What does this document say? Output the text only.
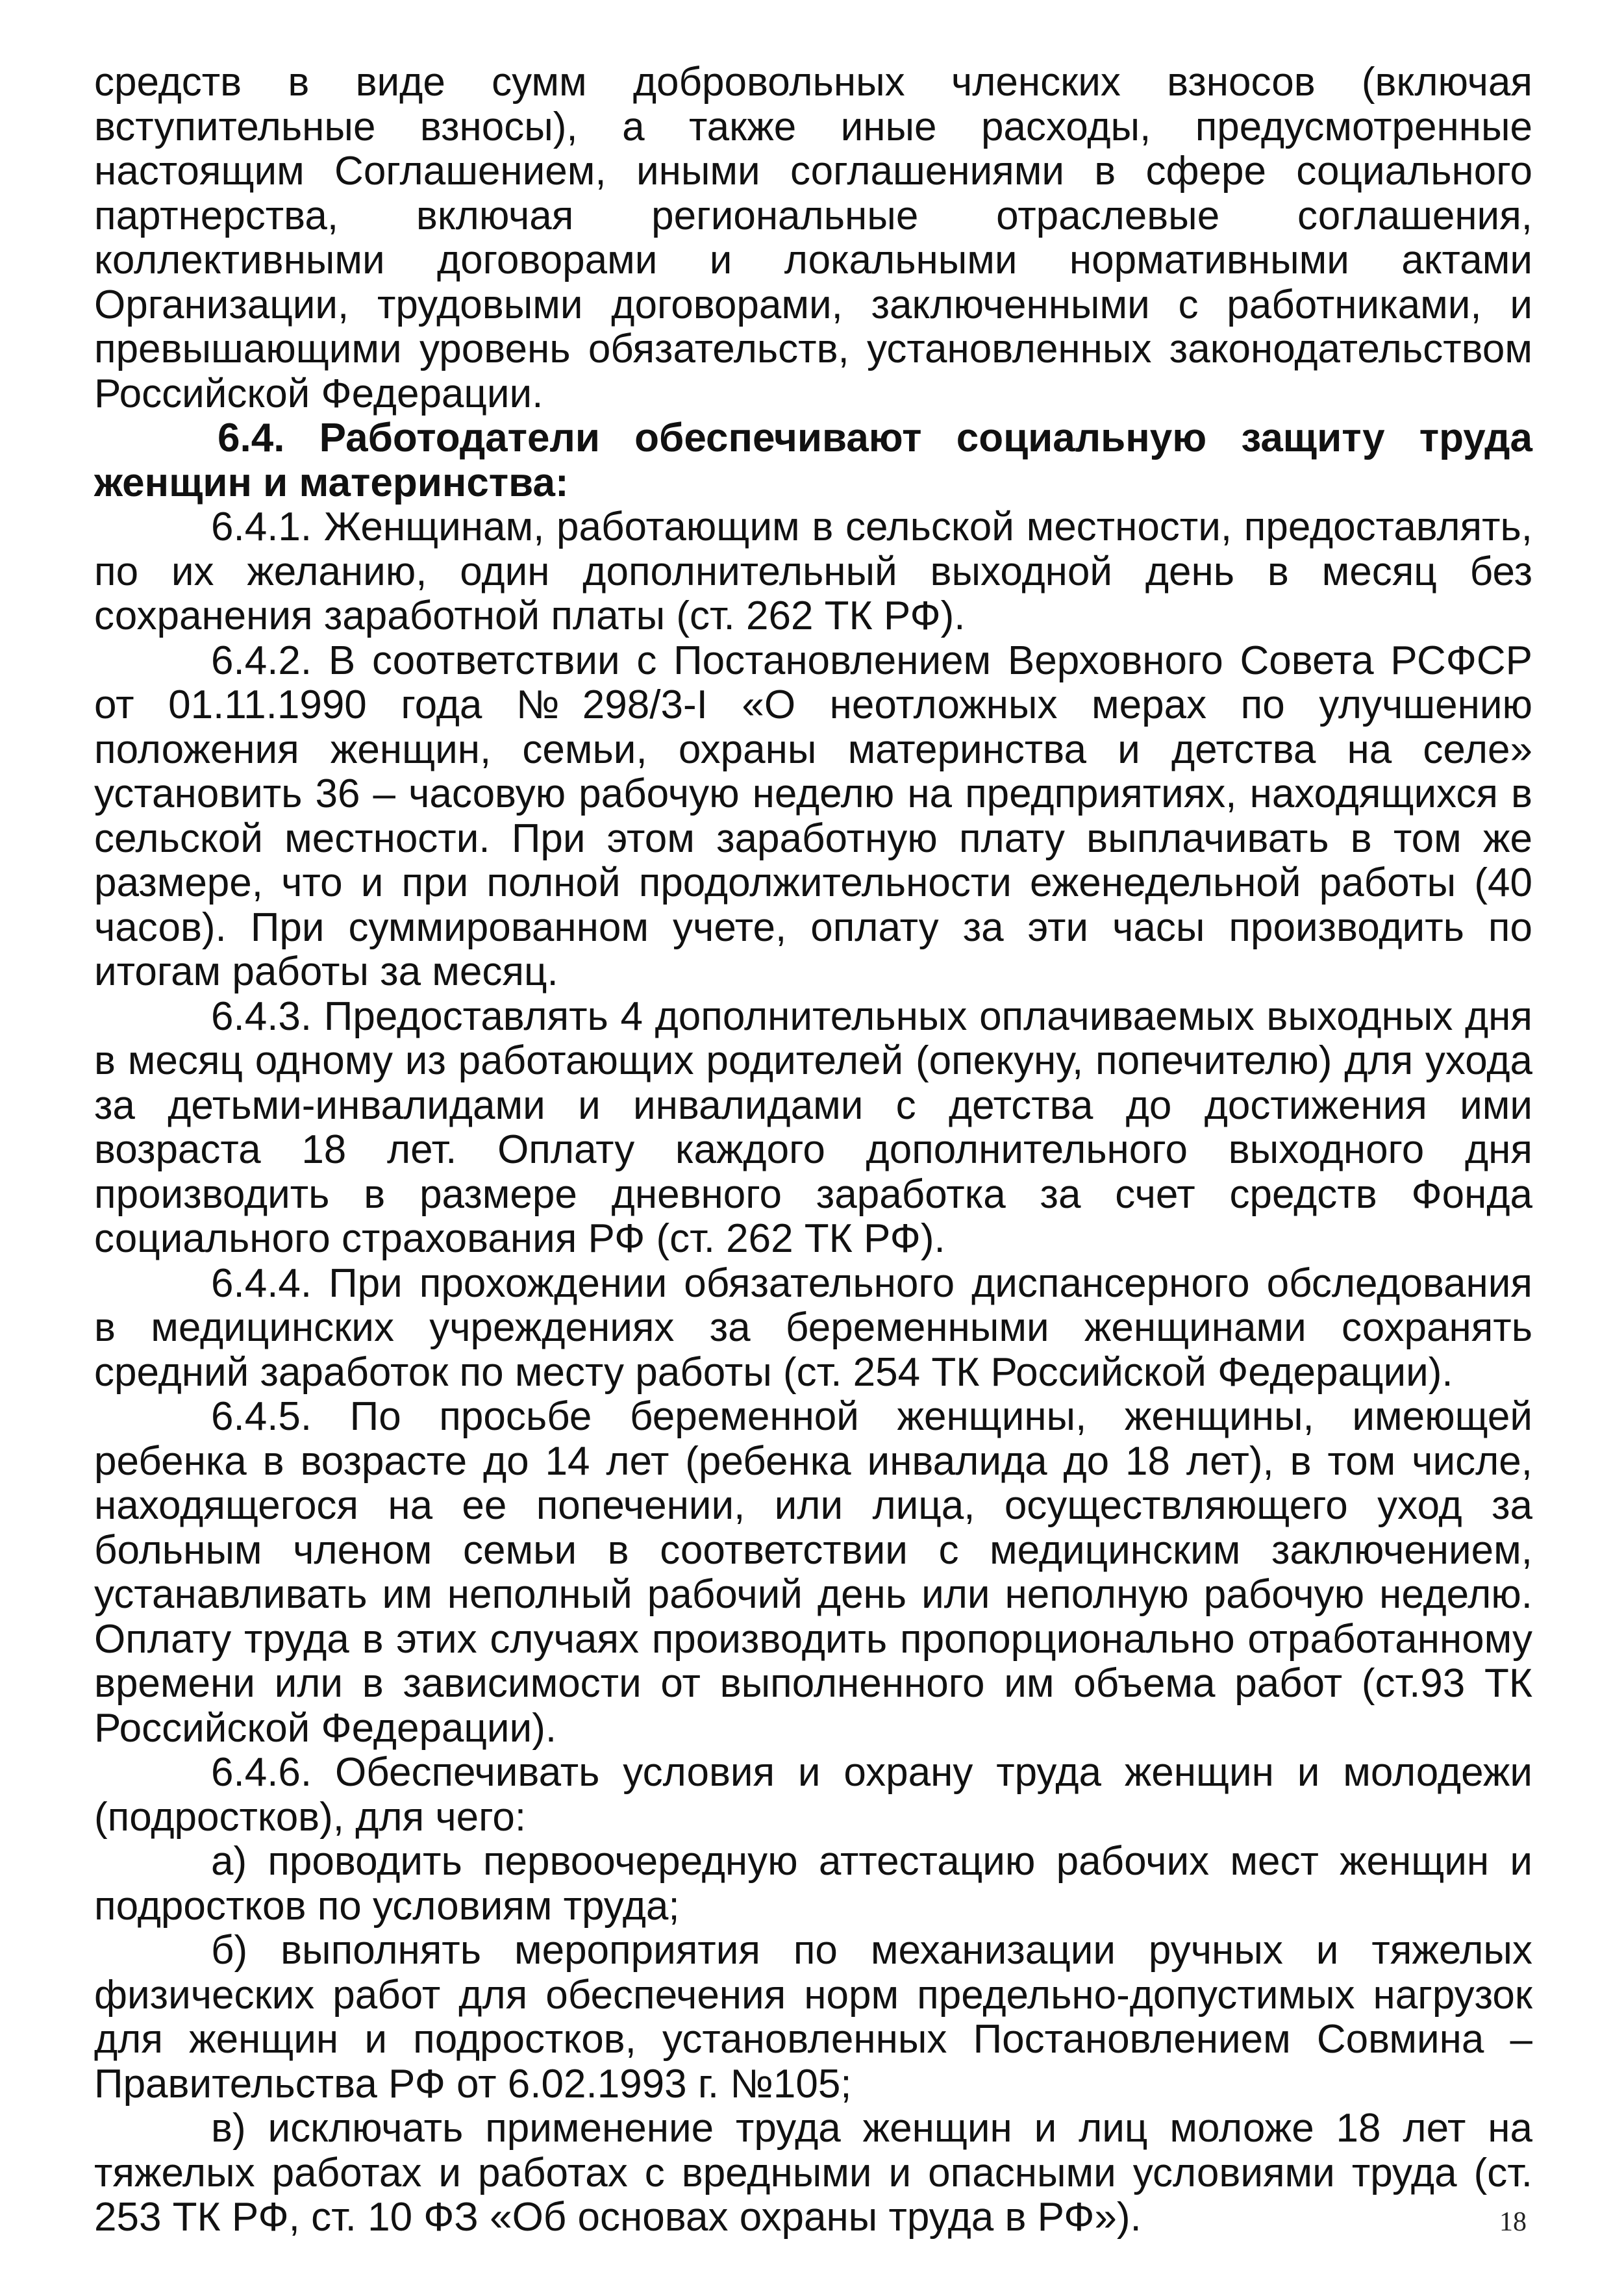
средств в виде сумм добровольных членских взносов (включая вступительные взносы), а также иные расходы, предусмотренные настоящим Соглашением, иными соглашениями в сфере социального партнерства, включая региональные отраслевые соглашения, коллективными договорами и локальными нормативными актами Организации, трудовыми договорами, заключенными с работниками, и превышающими уровень обязательств, установленных законодательством Российской Федерации.

6.4. Работодатели обеспечивают социальную защиту труда женщин и материнства:

6.4.1. Женщинам, работающим в сельской местности, предоставлять, по их желанию, один дополнительный выходной день в месяц без сохранения заработной платы (ст. 262 ТК РФ).

6.4.2. В соответствии с Постановлением Верховного Совета РСФСР от 01.11.1990 года №298/3-I «О неотложных мерах по улучшению положения женщин, семьи, охраны материнства и детства на селе» установить 36 – часовую рабочую неделю на предприятиях, находящихся в сельской местности. При этом заработную плату выплачивать в том же размере, что и при полной продолжительности еженедельной работы (40 часов). При суммированном учете, оплату за эти часы производить по итогам работы за месяц.

6.4.3. Предоставлять 4 дополнительных оплачиваемых выходных дня в месяц одному из работающих родителей (опекуну, попечителю) для ухода за детьми-инвалидами и инвалидами с детства до достижения ими возраста 18 лет. Оплату каждого дополнительного выходного дня производить в размере дневного заработка за счет средств Фонда социального страхования РФ (ст. 262 ТК РФ).

6.4.4. При прохождении обязательного диспансерного обследования в медицинских учреждениях за беременными женщинами сохранять средний заработок по месту работы (ст. 254 ТК Российской Федерации).

6.4.5. По просьбе беременной женщины, женщины, имеющей ребенка в возрасте до 14 лет (ребенка инвалида до 18 лет), в том числе, находящегося на ее попечении, или лица, осуществляющего уход за больным членом семьи в соответствии с медицинским заключением, устанавливать им неполный рабочий день или неполную рабочую неделю. Оплату труда в этих случаях производить пропорционально отработанному времени или в зависимости от выполненного им объема работ (ст.93 ТК Российской Федерации).

6.4.6. Обеспечивать условия и охрану труда женщин и молодежи (подростков), для чего:

а) проводить первоочередную аттестацию рабочих мест женщин и подростков по условиям труда;

б) выполнять мероприятия по механизации ручных и тяжелых физических работ для обеспечения норм предельно-допустимых нагрузок для женщин и подростков, установленных Постановлением Совмина – Правительства РФ от 6.02.1993 г. №105;

в) исключать применение труда женщин и лиц моложе 18 лет на тяжелых работах и работах с вредными и опасными условиями труда (ст. 253 ТК РФ, ст. 10 ФЗ «Об основах охраны труда в РФ»).	18
